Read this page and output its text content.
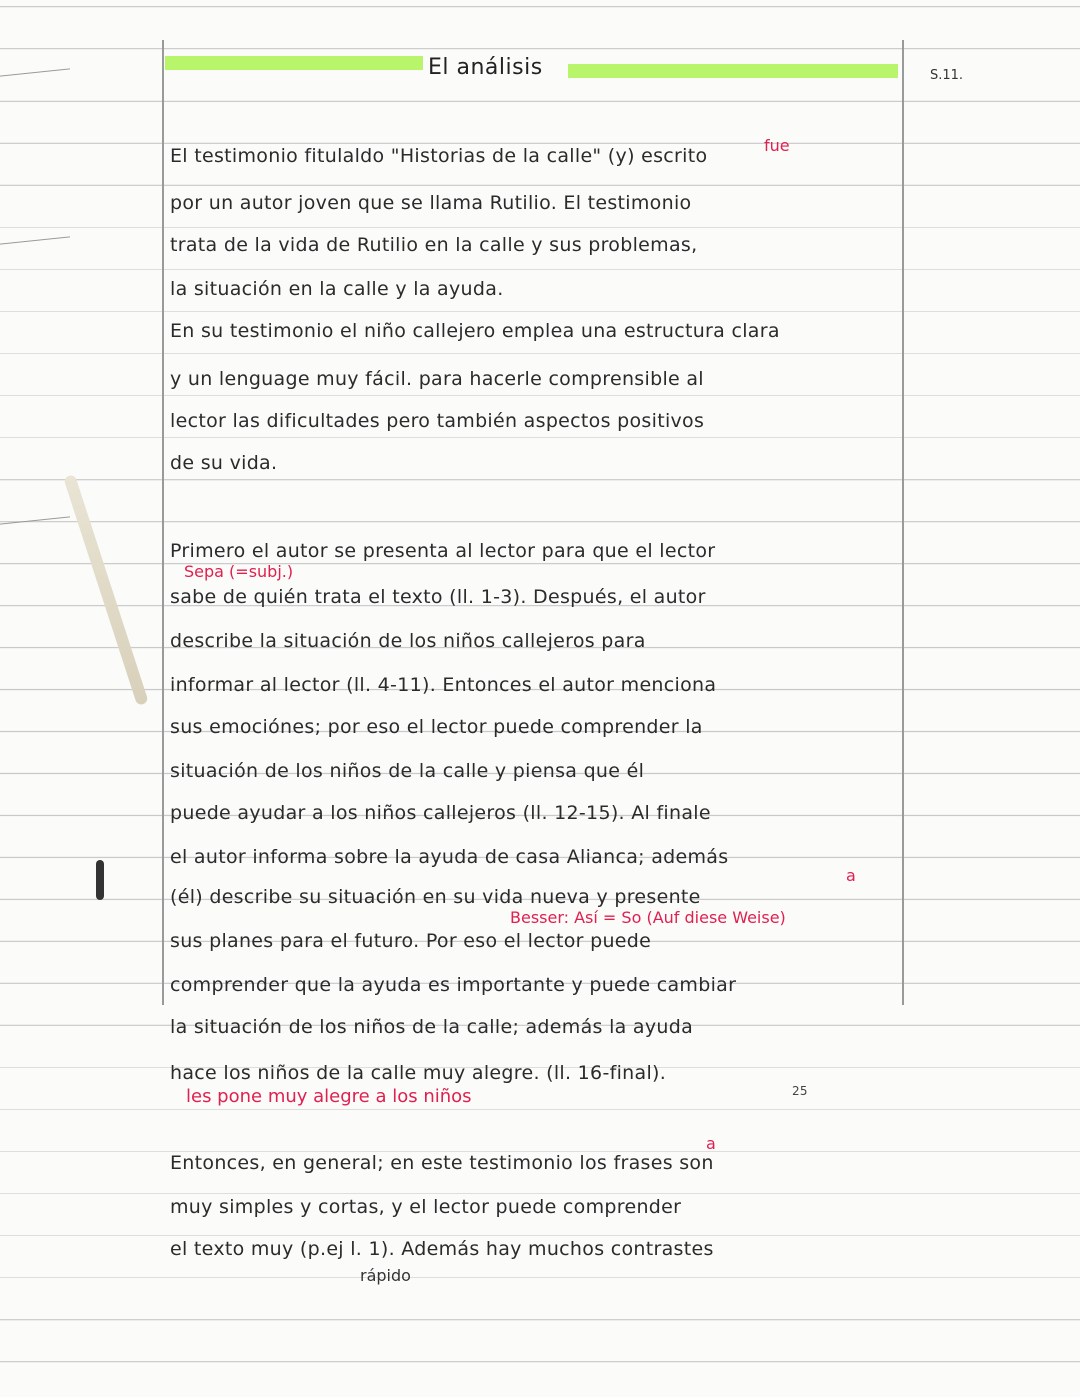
El análisis	S.11.
El testimonio fitulaldo "Historias de la calle" (y) escrito
por un autor joven que se llama Rutilio. El testimonio
trata de la vida de Rutilio en la calle y sus problemas,
la situación en la calle y la ayuda.
En su testimonio el niño callejero emplea una estructura clara
y un lenguage muy fácil. para hacerle comprensible al
lector las dificultades pero también aspectos positivos
de su vida.
fue
Primero el autor se presenta al lector para que el lector
Sepa (=subj.)
sabe de quién trata el texto (ll. 1-3). Después, el autor
describe la situación de los niños callejeros para
informar al lector (ll. 4-11). Entonces el autor menciona
sus emociónes; por eso el lector puede comprender la
situación de los niños de la calle y piensa que él
puede ayudar a los niños callejeros (ll. 12-15). Al finale
el autor informa sobre la ayuda de casa Alianca; además
a
(él) describe su situación en su vida nueva y presente
Besser: Así = So (Auf diese Weise)
sus planes para el futuro. Por eso el lector puede
comprender que la ayuda es importante y puede cambiar
la situación de los niños de la calle; además la ayuda
hace los niños de la calle muy alegre. (ll. 16-final).
les pone muy alegre a los niños	25
a
Entonces, en general; en este testimonio los frases son
muy simples y cortas, y el lector puede comprender
el texto muy (p.ej l. 1). Además hay muchos contrastes
rápido
